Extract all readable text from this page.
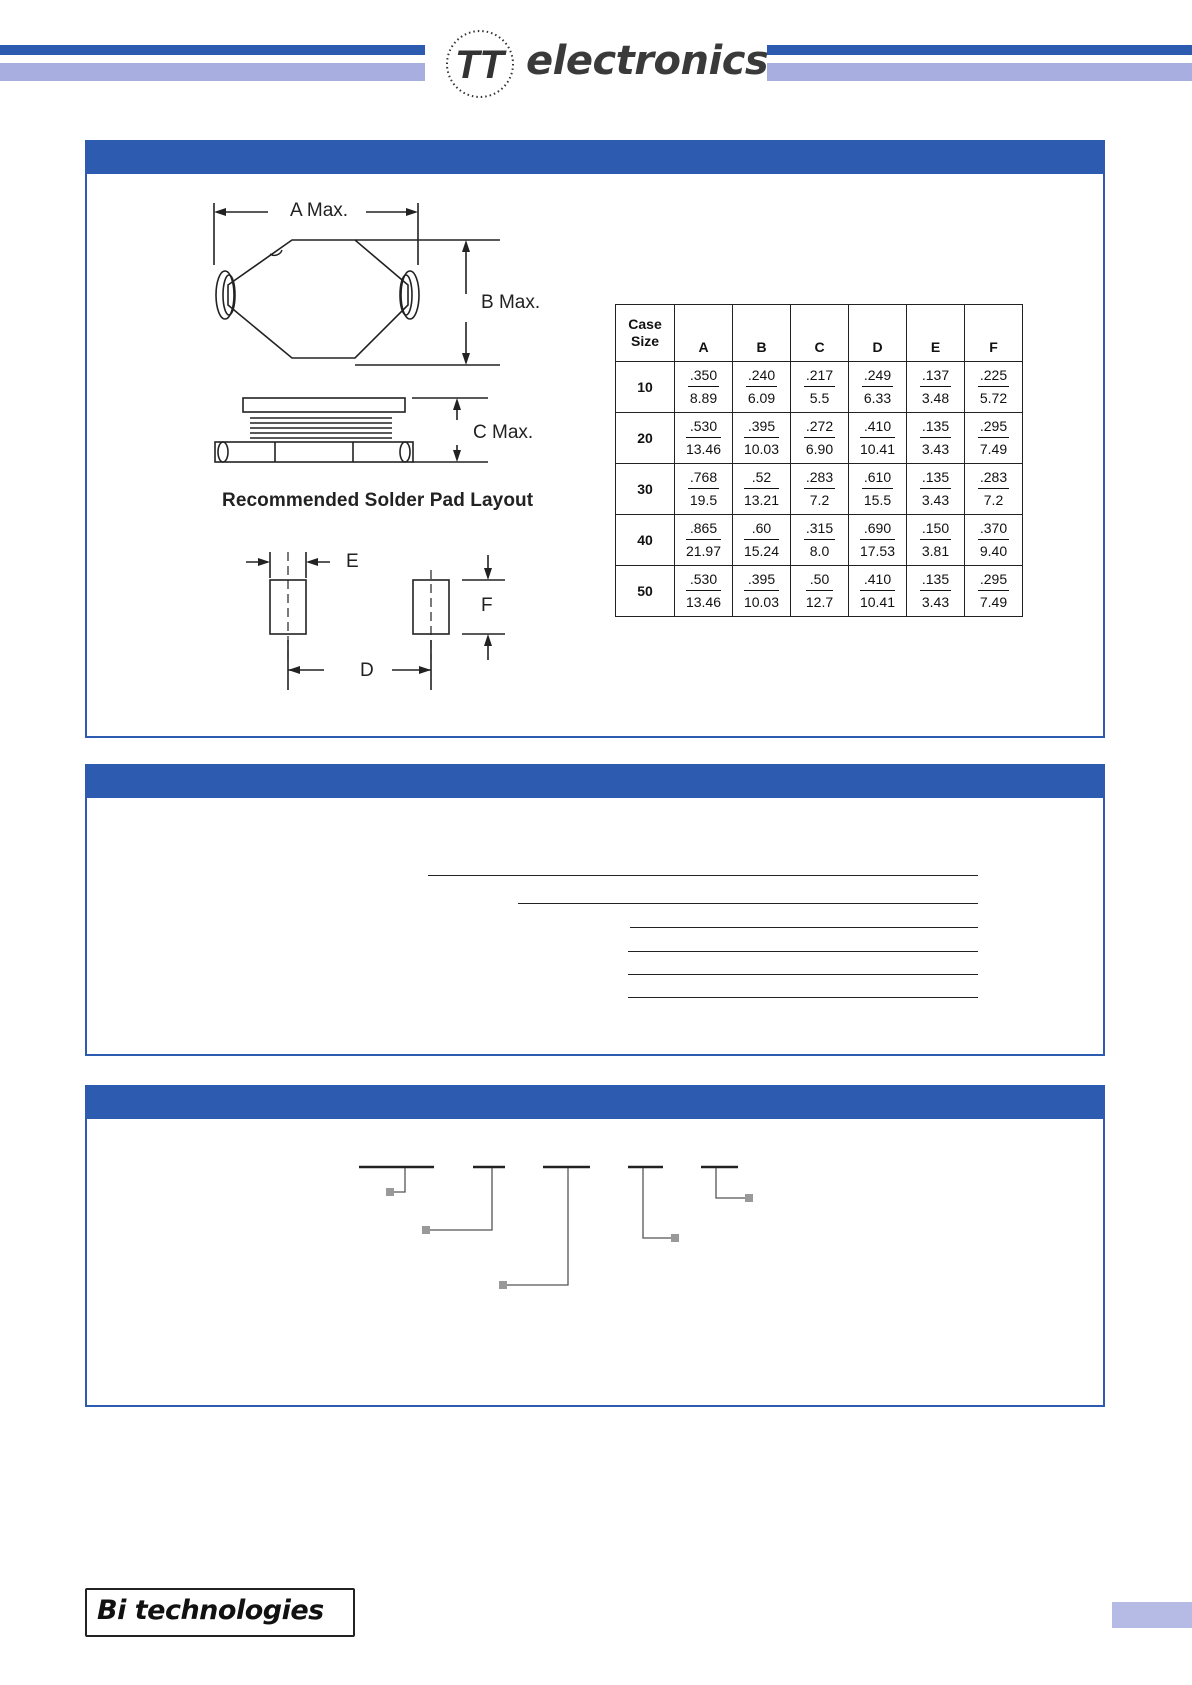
TT electronics
A Max.
B Max.
C Max.
Recommended Solder Pad Layout
E
F
D
Case
Size	A	B	C	D	E	F
10	$\frac{.350}{8.89}$	$\frac{.240}{6.09}$	$\frac{.217}{5.5}$	$\frac{.249}{6.33}$	$\frac{.137}{3.48}$	$\frac{.225}{5.72}$

20	$\frac{.530}{13.46}$	$\frac{.395}{10.03}$	$\frac{.272}{6.90}$	$\frac{.410}{10.41}$	$\frac{.135}{3.43}$	$\frac{.295}{7.49}$

30	$\frac{.768}{19.5}$	$\frac{.52}{13.21}$	$\frac{.283}{7.2}$	$\frac{.610}{15.5}$	$\frac{.135}{3.43}$	$\frac{.283}{7.2}$

40	$\frac{.865}{21.97}$	$\frac{.60}{15.24}$	$\frac{.315}{8.0}$	$\frac{.690}{17.53}$	$\frac{.150}{3.81}$	$\frac{.370}{9.40}$

50	$\frac{.530}{13.46}$	$\frac{.395}{10.03}$	$\frac{.50}{12.7}$	$\frac{.410}{10.41}$	$\frac{.135}{3.43}$	$\frac{.295}{7.49}$
Bi technologies
